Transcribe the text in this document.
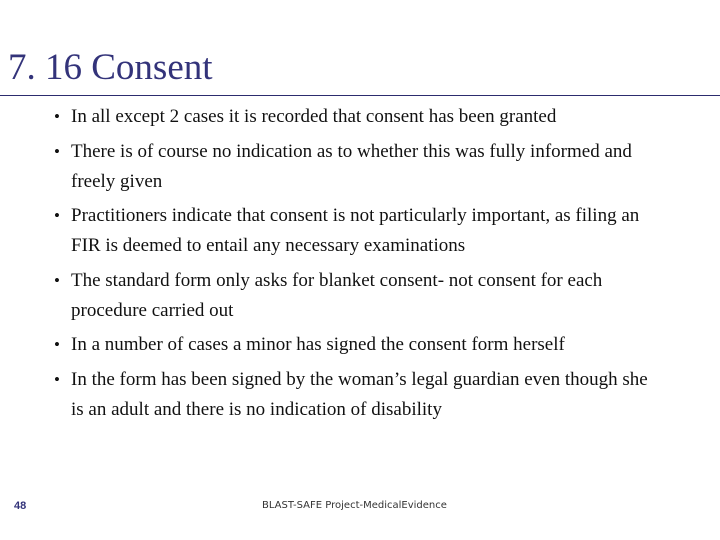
7. 16 Consent
• In all except 2 cases it is recorded that consent has been granted
• There is of course no indication as to whether this was fully informed and freely given
• Practitioners indicate that consent is not particularly important, as filing an FIR is deemed to entail any necessary examinations
• The standard form only asks for blanket consent- not consent for each procedure carried out
• In a number of cases a minor has signed the consent form herself
• In the form has been signed by the woman’s legal guardian even though she is an adult and there is no indication of disability
48	BLAST-SAFE Project-MedicalEvidence
